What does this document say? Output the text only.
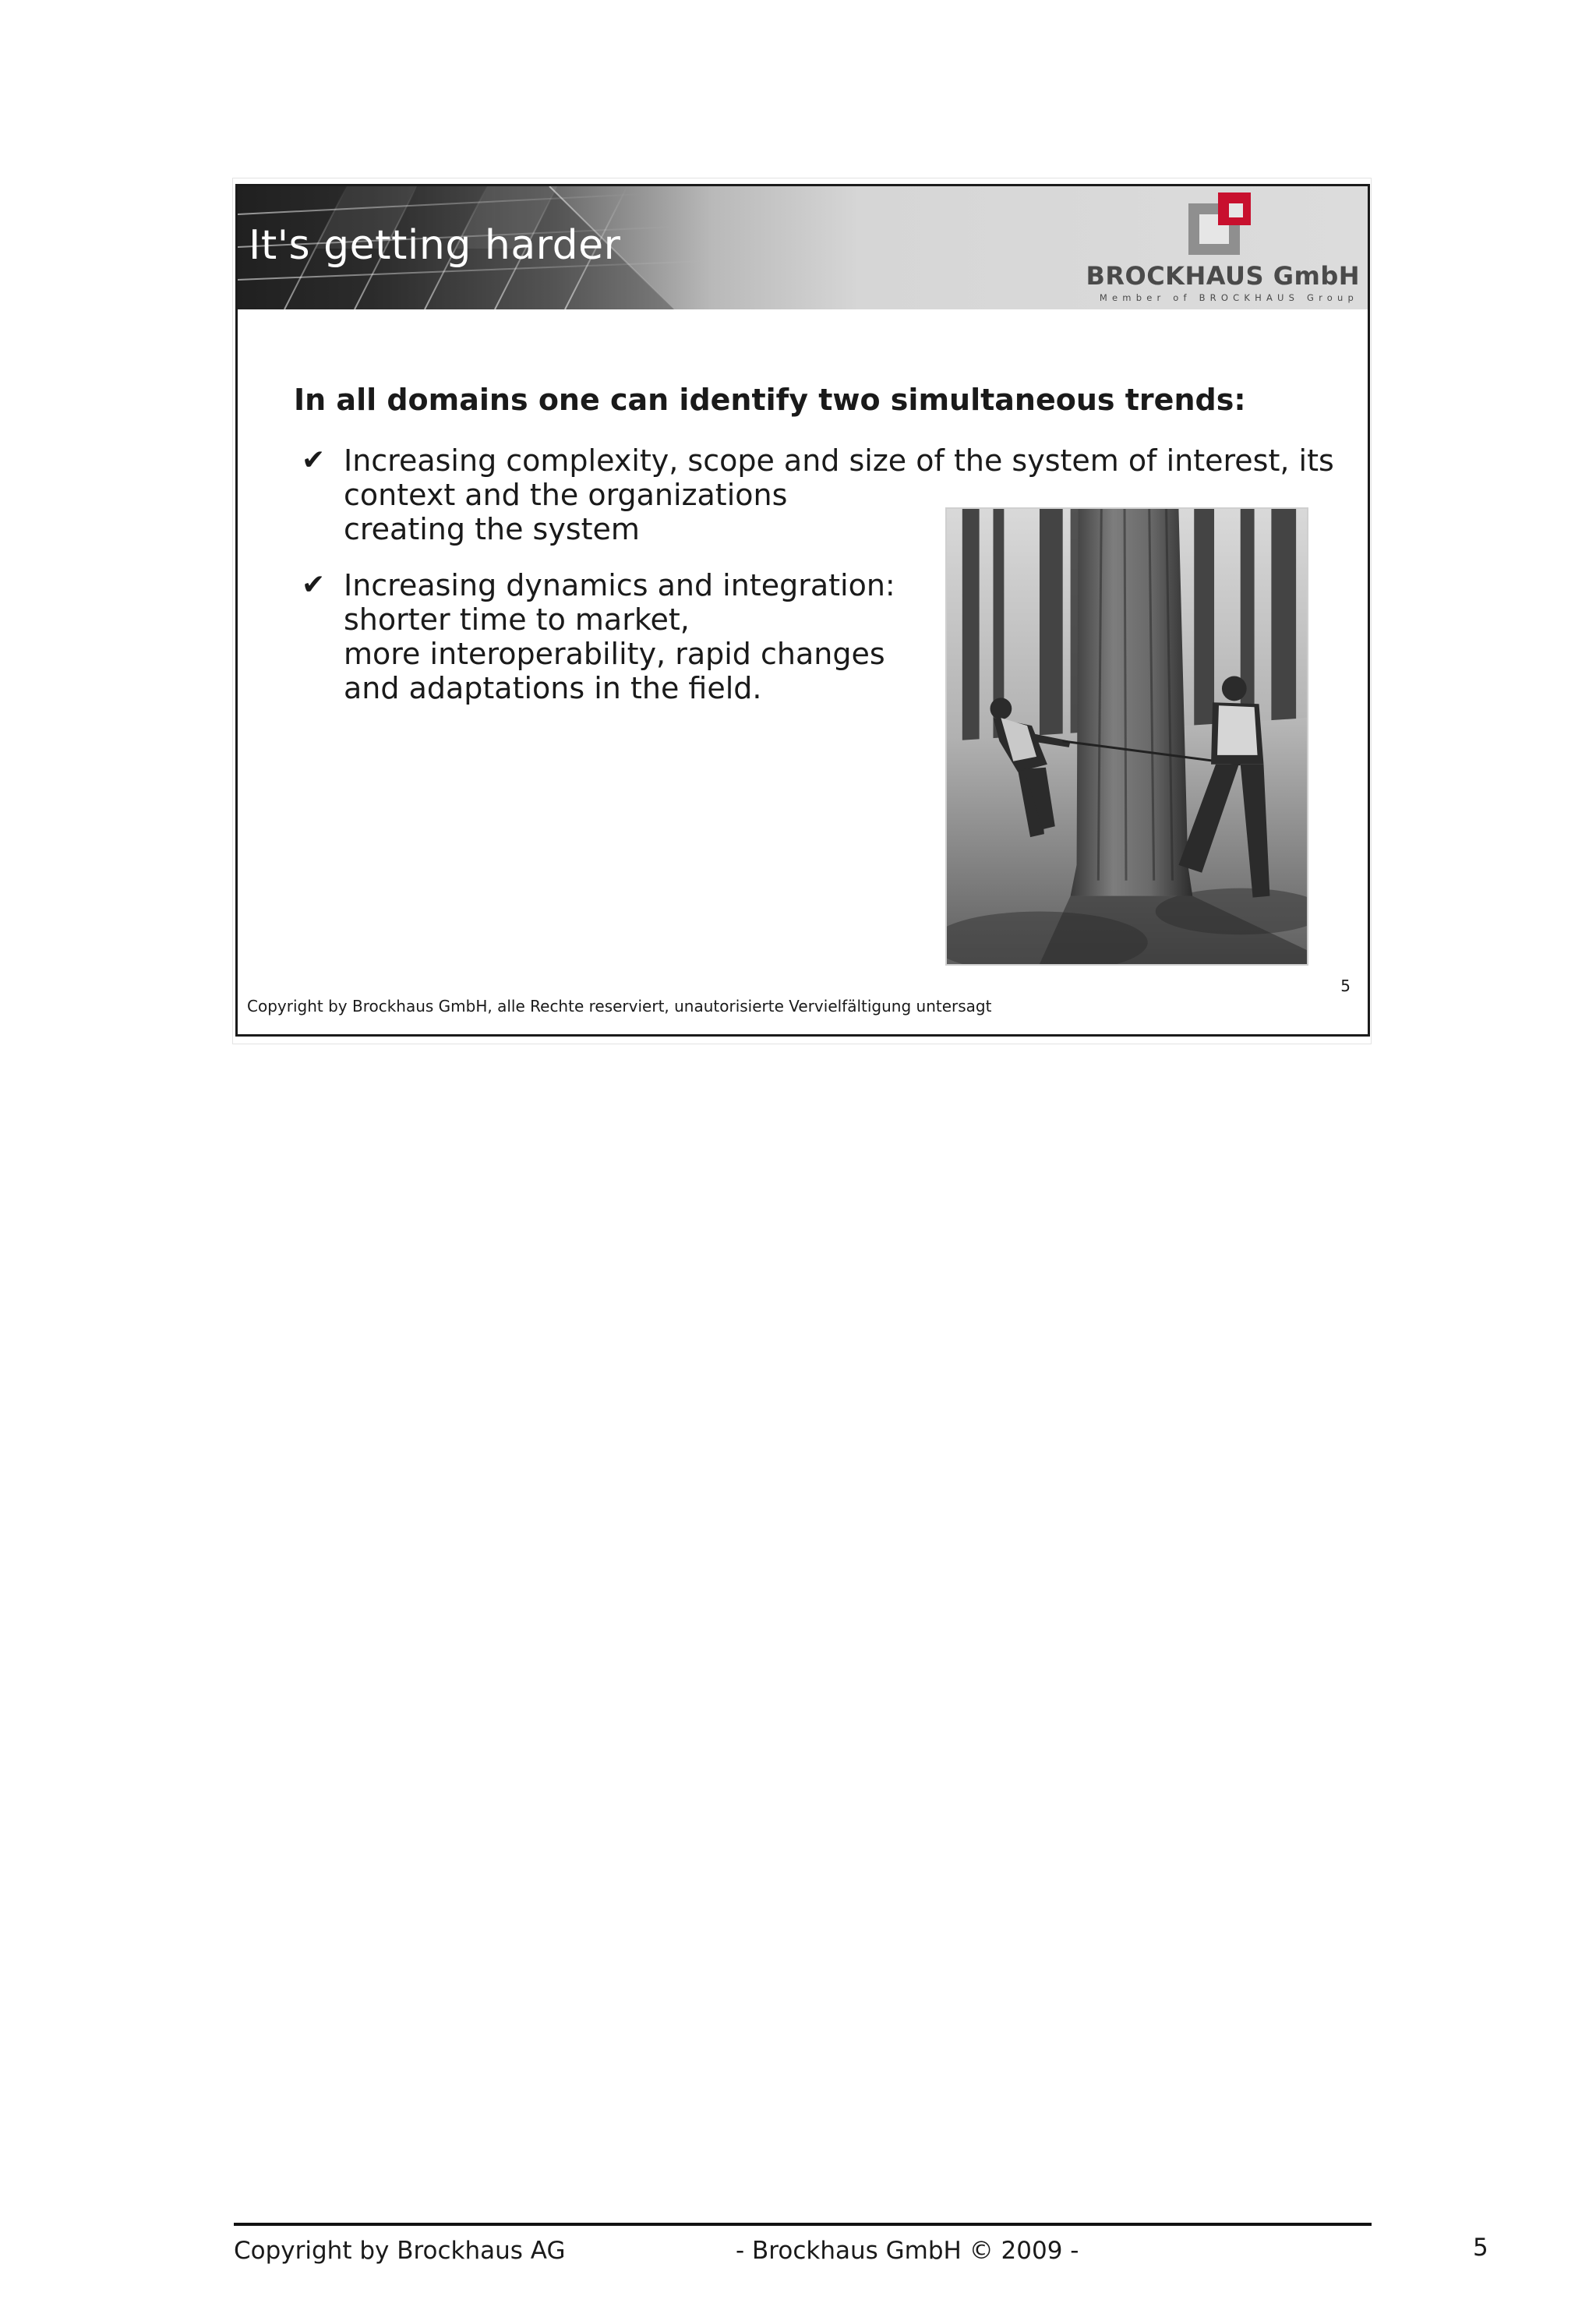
It's getting harder
BROCKHAUS GmbH
Member of BROCKHAUS Group
In all domains one can identify two simultaneous trends:
✔ Increasing complexity, scope and size of the system of interest, its
context and the organizations
creating the system
✔ Increasing dynamics and integration:
shorter time to market,
more interoperability, rapid changes
and adaptations in the field.
5
Copyright by Brockhaus GmbH, alle Rechte reserviert, unautorisierte Vervielfältigung untersagt
Copyright by Brockhaus AG	- Brockhaus GmbH © 2009 -	5
